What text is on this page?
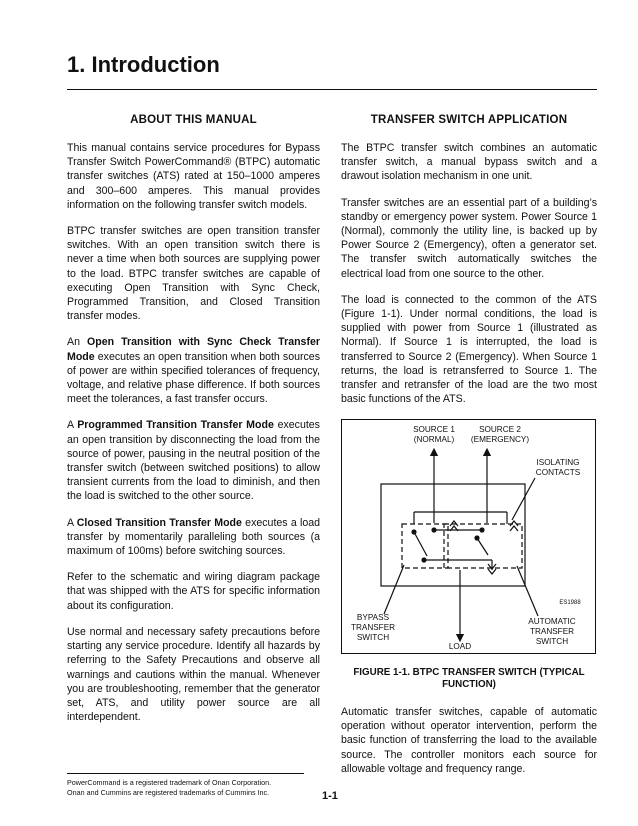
1. Introduction
ABOUT THIS MANUAL

This manual contains service procedures for Bypass Transfer Switch PowerCommand® (BTPC) automatic transfer switches (ATS) rated at 150–1000 amperes and 300–600 amperes. This manual provides information on the following transfer switch models.

BTPC transfer switches are open transition transfer switches. With an open transition switch there is never a time when both sources are supplying power to the load. BTPC transfer switches are capable of executing Open Transition with Sync Check, Programmed Transition, and Closed Transition transfer modes.

An Open Transition with Sync Check Transfer Mode executes an open transition when both sources of power are within specified tolerances of frequency, voltage, and relative phase difference. If both sources meet the tolerances, a fast transfer occurs.

A Programmed Transition Transfer Mode executes an open transition by disconnecting the load from the source of power, pausing in the neutral position of the transfer switch (between switched positions) to allow transient currents from the load to diminish, and then the load is switched to the other source.

A Closed Transition Transfer Mode executes a load transfer by momentarily paralleling both sources (a maximum of 100ms) before switching sources.

Refer to the schematic and wiring diagram package that was shipped with the ATS for specific information about its configuration.

Use normal and necessary safety precautions before starting any service procedure. Identify all hazards by referring to the Safety Precautions and observe all warnings and cautions within the manual. Whenever you are troubleshooting, remember that the generator set, ATS, and utility power source are all interdependent.

TRANSFER SWITCH APPLICATION

The BTPC transfer switch combines an automatic transfer switch, a manual bypass switch and a drawout isolation mechanism in one unit.

Transfer switches are an essential part of a building’s standby or emergency power system. Power Source 1 (Normal), commonly the utility line, is backed up by Power Source 2 (Emergency), often a generator set. The transfer switch automatically switches the electrical load from one source to the other.

The load is connected to the common of the ATS (Figure 1-1). Under normal conditions, the load is supplied with power from Source 1 (illustrated as Normal). If Source 1 is interrupted, the load is transferred to Source 2 (Emergency). When Source 1 returns, the load is retransferred to Source 1. The transfer and retransfer of the load are the two most basic functions of the ATS.

SOURCE 1
(NORMAL)
SOURCE 2
(EMERGENCY)
ISOLATING
CONTACTS
ES1988
BYPASS
TRANSFER
SWITCH
LOAD
AUTOMATIC
TRANSFER
SWITCH
FIGURE 1-1. BTPC TRANSFER SWITCH (TYPICAL
FUNCTION)

Automatic transfer switches, capable of automatic operation without operator intervention, perform the basic function of transferring the load to the available source. The controller monitors each source for allowable voltage and frequency range.

PowerCommand is a registered trademark of Onan Corporation.
Onan and Cummins are registered trademarks of Cummins Inc.	1-1
